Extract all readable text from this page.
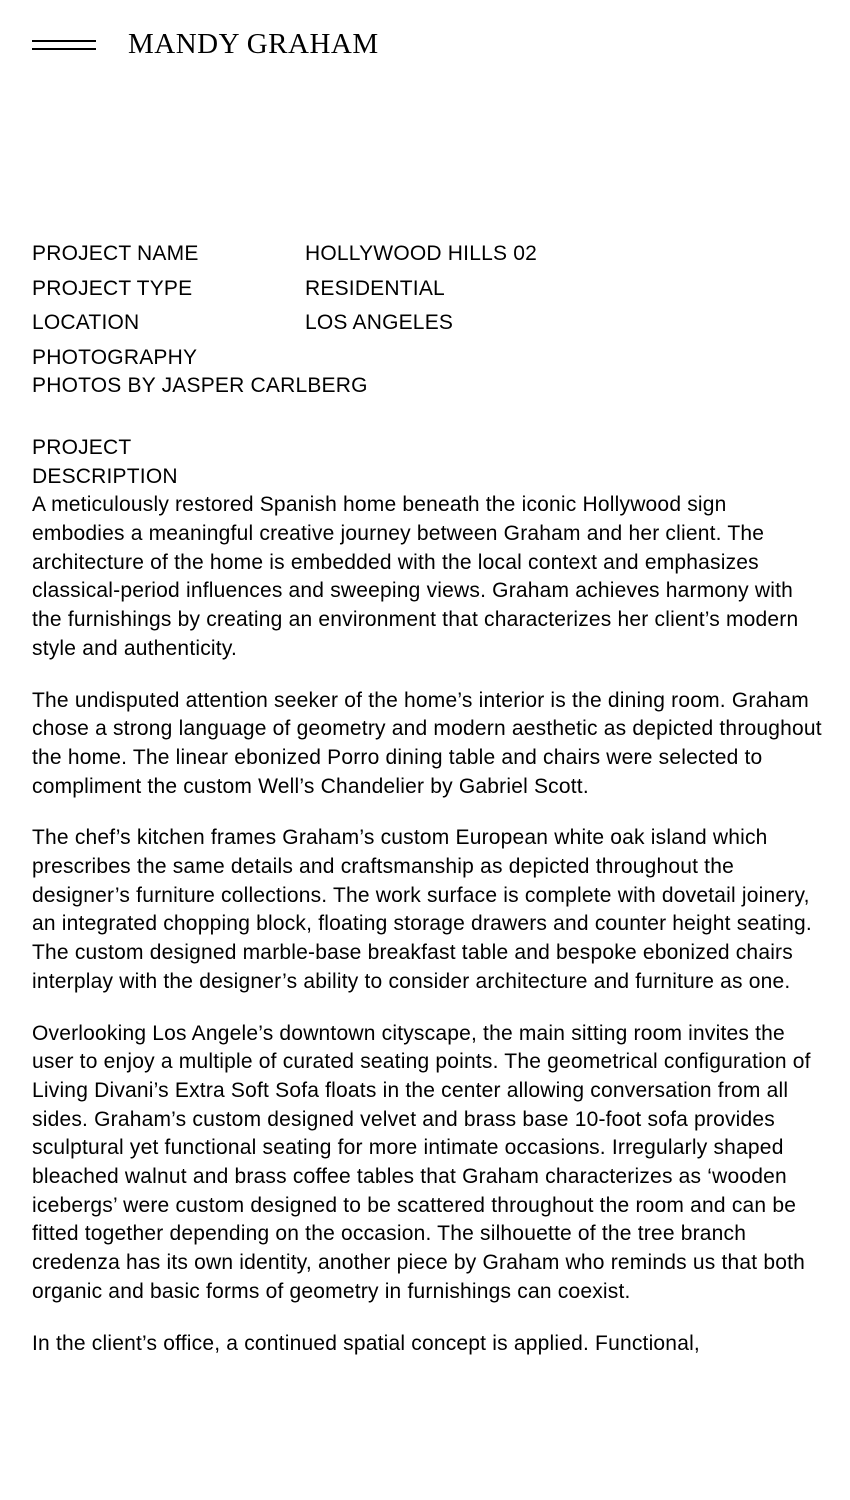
MANDY GRAHAM
PROJECT NAME	HOLLYWOOD HILLS 02
PROJECT TYPE	RESIDENTIAL
LOCATION	LOS ANGELES
PHOTOGRAPHY
PHOTOS BY JASPER CARLBERG
PROJECT
DESCRIPTION

A meticulously restored Spanish home beneath the iconic Hollywood sign embodies a meaningful creative journey between Graham and her client. The architecture of the home is embedded with the local context and emphasizes classical-period influences and sweeping views. Graham achieves harmony with the furnishings by creating an environment that characterizes her client’s modern style and authenticity.

The undisputed attention seeker of the home’s interior is the dining room. Graham chose a strong language of geometry and modern aesthetic as depicted throughout the home. The linear ebonized Porro dining table and chairs were selected to compliment the custom Well’s Chandelier by Gabriel Scott.

The chef’s kitchen frames Graham’s custom European white oak island which prescribes the same details and craftsmanship as depicted throughout the designer’s furniture collections. The work surface is complete with dovetail joinery, an integrated chopping block, floating storage drawers and counter height seating. The custom designed marble-base breakfast table and bespoke ebonized chairs interplay with the designer’s ability to consider architecture and furniture as one.

Overlooking Los Angele’s downtown cityscape, the main sitting room invites the user to enjoy a multiple of curated seating points. The geometrical configuration of Living Divani’s Extra Soft Sofa floats in the center allowing conversation from all sides. Graham’s custom designed velvet and brass base 10-foot sofa provides sculptural yet functional seating for more intimate occasions. Irregularly shaped bleached walnut and brass coffee tables that Graham characterizes as ‘wooden icebergs’ were custom designed to be scattered throughout the room and can be fitted together depending on the occasion. The silhouette of the tree branch credenza has its own identity, another piece by Graham who reminds us that both organic and basic forms of geometry in furnishings can coexist.

In the client’s office, a continued spatial concept is applied. Functional,
